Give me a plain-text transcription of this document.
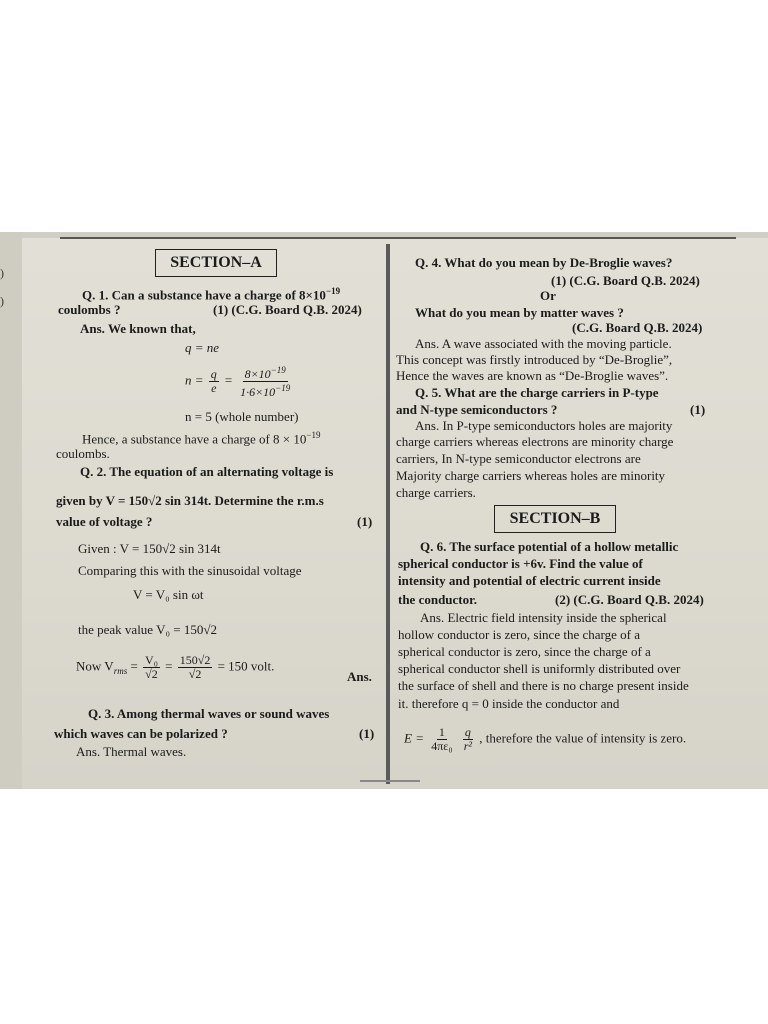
)
)
SECTION–A
Q. 1. Can a substance have a charge of $8\times 10^{-19}$
coulombs ?	(1) (C.G. Board Q.B. 2024)
Ans. We known that,
q = ne
$n = \frac{q}{e} = \frac{8\times 10^{-19}}{1\cdot 6\times 10^{-19}}$
n = 5 (whole number)
Hence, a substance have a charge of $8 \times 10^{-19}$
coulombs.
Q. 2. The equation of an alternating voltage is
given by V = 150√2 sin 314t. Determine the r.m.s
value of voltage ?	(1)
Given : V = 150√2 sin 314t
Comparing this with the sinusoidal voltage
V = V₀ sin ωt
the peak value V₀ = 150√2
Now $V_{rms} = \frac{\text{V₀}}{√2} = \frac{150√2}{√2} = 150$ volt.
Ans.
Q. 3. Among thermal waves or sound waves
which waves can be polarized ?	(1)
Ans. Thermal waves.
Q. 4. What do you mean by De-Broglie waves?
(1) (C.G. Board Q.B. 2024)
Or
What do you mean by matter waves ?
(C.G. Board Q.B. 2024)
Ans. A wave associated with the moving particle.
This concept was firstly introduced by “De-Broglie”,
Hence the waves are known as “De-Broglie waves”.
Q. 5. What are the charge carriers in P-type
and N-type semiconductors ?	(1)
Ans. In P-type semiconductors holes are majority
charge carriers whereas electrons are minority charge
carriers, In N-type semiconductor electrons are
Majority charge carriers whereas holes are minority
charge carriers.
SECTION–B
Q. 6. The surface potential of a hollow metallic
spherical conductor is +6v. Find the value of
intensity and potential of electric current inside
the conductor.	(2) (C.G. Board Q.B. 2024)
Ans. Electric field intensity inside the spherical
hollow conductor is zero, since the charge of a
spherical conductor is zero, since the charge of a
spherical conductor shell is uniformly distributed over
the surface of shell and there is no charge present inside
it. therefore q = 0 inside the conductor and
$E = \frac{1}{\text{4πε₀}}$
$\frac{q}{\text{r²}}$ , therefore the value of intensity is zero.
